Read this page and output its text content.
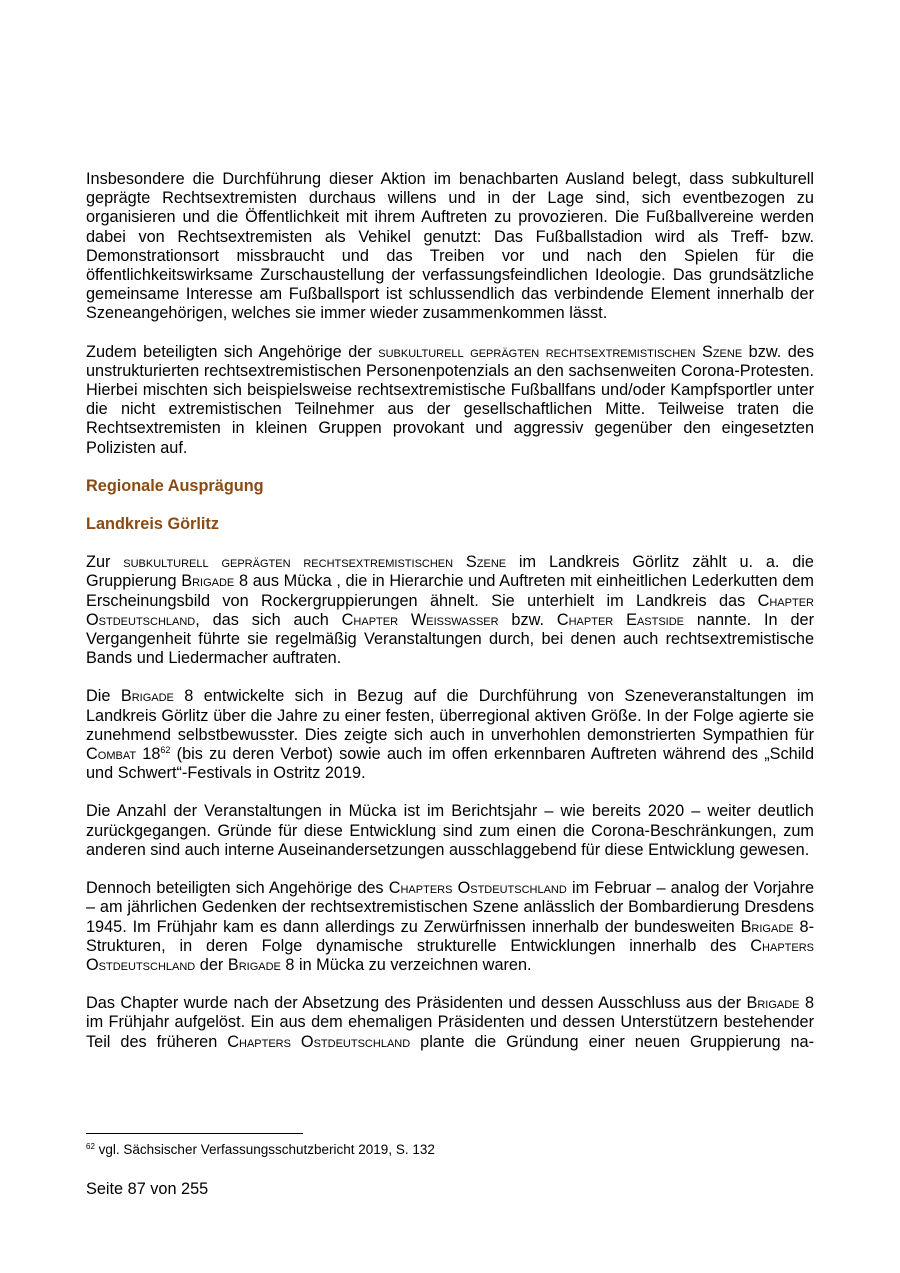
Insbesondere die Durchführung dieser Aktion im benachbarten Ausland belegt, dass subkulturell geprägte Rechtsextremisten durchaus willens und in der Lage sind, sich eventbezogen zu organisieren und die Öffentlichkeit mit ihrem Auftreten zu provozieren. Die Fußballvereine werden dabei von Rechtsextremisten als Vehikel genutzt: Das Fußballstadion wird als Treff- bzw. Demonstrationsort missbraucht und das Treiben vor und nach den Spielen für die öffentlichkeitswirksame Zurschaustellung der verfassungsfeindlichen Ideologie. Das grundsätzliche gemeinsame Interesse am Fußballsport ist schlussendlich das verbindende Element innerhalb der Szeneangehörigen, welches sie immer wieder zusammenkommen lässt.

Zudem beteiligten sich Angehörige der subkulturell geprägten rechtsextremistischen Szene bzw. des unstrukturierten rechtsextremistischen Personenpotenzials an den sachsenweiten Corona-Protesten. Hierbei mischten sich beispielsweise rechtsextremistische Fußballfans und/oder Kampfsportler unter die nicht extremistischen Teilnehmer aus der gesellschaftlichen Mitte. Teilweise traten die Rechtsextremisten in kleinen Gruppen provokant und aggressiv gegenüber den eingesetzten Polizisten auf.

Regionale Ausprägung
Landkreis Görlitz

Zur subkulturell geprägten rechtsextremistischen Szene im Landkreis Görlitz zählt u. a. die Gruppierung Brigade 8 aus Mücka , die in Hierarchie und Auftreten mit einheitlichen Lederkutten dem Erscheinungsbild von Rockergruppierungen ähnelt. Sie unterhielt im Landkreis das Chapter Ostdeutschland, das sich auch Chapter Weißwasser bzw. Chapter Eastside nannte. In der Vergangenheit führte sie regelmäßig Veranstaltungen durch, bei denen auch rechtsextremistische Bands und Liedermacher auftraten.

Die Brigade 8 entwickelte sich in Bezug auf die Durchführung von Szeneveranstaltungen im Landkreis Görlitz über die Jahre zu einer festen, überregional aktiven Größe. In der Folge agierte sie zunehmend selbstbewusster. Dies zeigte sich auch in unverhohlen demonstrierten Sympathien für Combat $18^{62}$ (bis zu deren Verbot) sowie auch im offen erkennbaren Auftreten während des „Schild und Schwert“-Festivals in Ostritz 2019.

Die Anzahl der Veranstaltungen in Mücka ist im Berichtsjahr – wie bereits 2020 – weiter deutlich zurückgegangen. Gründe für diese Entwicklung sind zum einen die Corona-Beschränkungen, zum anderen sind auch interne Auseinandersetzungen ausschlaggebend für diese Entwicklung gewesen.

Dennoch beteiligten sich Angehörige des Chapters Ostdeutschland im Februar – analog der Vorjahre – am jährlichen Gedenken der rechtsextremistischen Szene anlässlich der Bombardierung Dresdens 1945. Im Frühjahr kam es dann allerdings zu Zerwürfnissen innerhalb der bundesweiten Brigade 8-Strukturen, in deren Folge dynamische strukturelle Entwicklungen innerhalb des Chapters Ostdeutschland der Brigade 8 in Mücka zu verzeichnen waren.

Das Chapter wurde nach der Absetzung des Präsidenten und dessen Ausschluss aus der Brigade 8 im Frühjahr aufgelöst. Ein aus dem ehemaligen Präsidenten und dessen Unterstützern bestehender Teil des früheren Chapters Ostdeutschland plante die Gründung einer neuen Gruppierung na-

$^{62}$ vgl. Sächsischer Verfassungsschutzbericht 2019, S. 132
Seite 87 von 255
